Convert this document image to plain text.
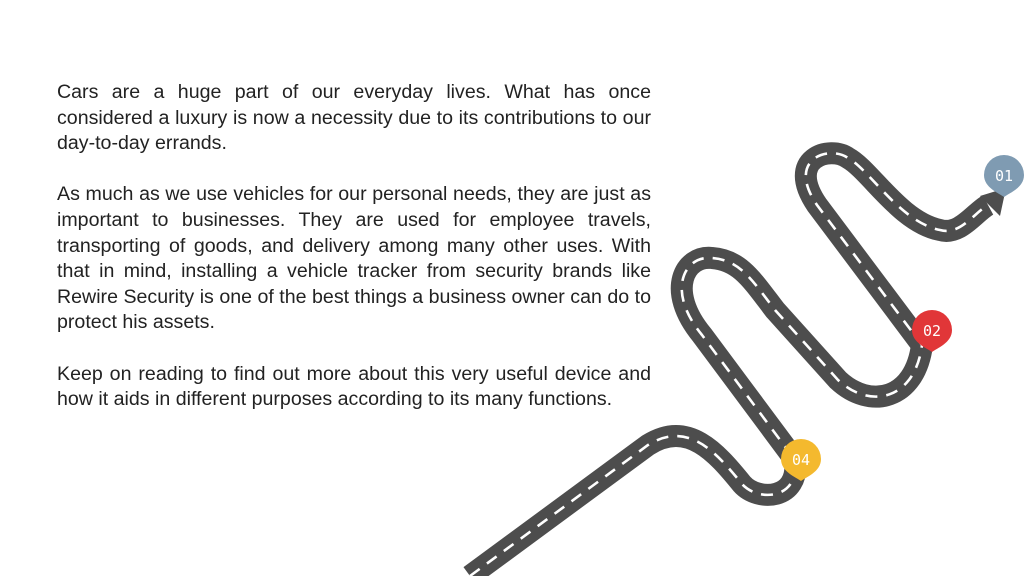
Cars are a huge part of our everyday lives. What has once considered a luxury is now a necessity due to its contributions to our day-to-day errands.

As much as we use vehicles for our personal needs, they are just as important to businesses. They are used for employee travels, transporting of goods, and delivery among many other uses. With that in mind, installing a vehicle tracker from security brands like Rewire Security is one of the best things a business owner can do to protect his assets.

Keep on reading to find out more about this very useful device and how it aids in different purposes according to its many functions.

01
02
04
